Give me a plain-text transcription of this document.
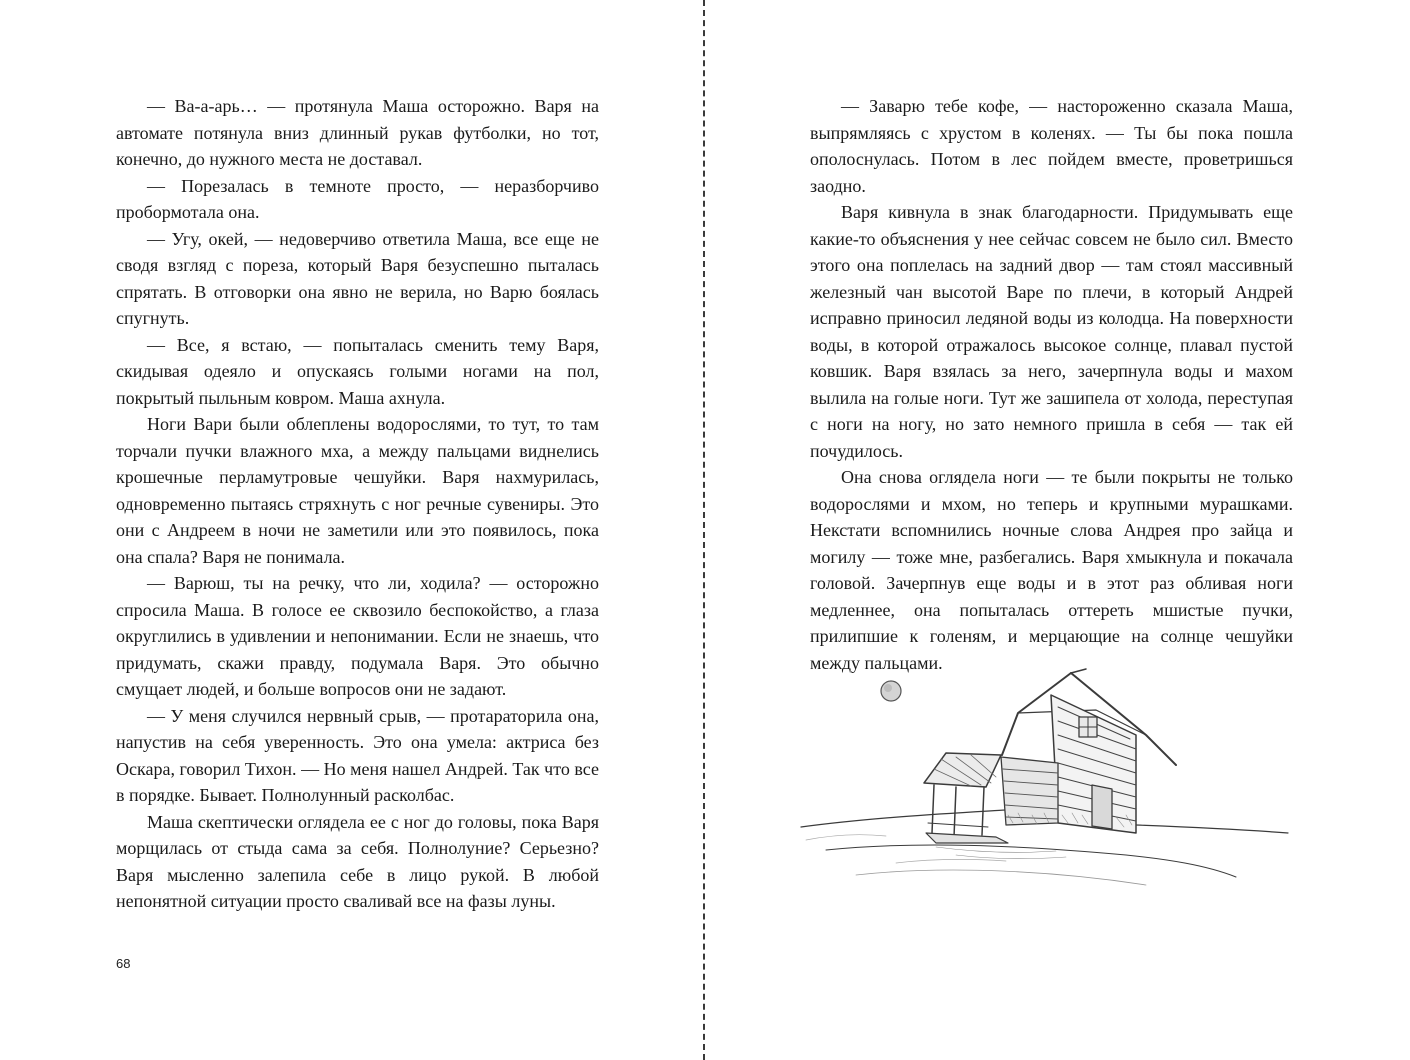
— Ва-а-арь… — протянула Маша осторожно. Варя на автомате потянула вниз длинный рукав футболки, но тот, конечно, до нужного места не доставал.

— Порезалась в темноте просто, — неразборчиво пробормотала она.

— Угу, окей, — недоверчиво ответила Маша, все еще не сводя взгляд с пореза, который Варя безуспешно пыталась спрятать. В отговорки она явно не верила, но Варю боялась спугнуть.

— Все, я встаю, — попыталась сменить тему Варя, скидывая одеяло и опускаясь голыми ногами на пол, покрытый пыльным ковром. Маша ахнула.

Ноги Вари были облеплены водорослями, то тут, то там торчали пучки влажного мха, а между пальцами виднелись крошечные перламутровые чешуйки. Варя нахмурилась, одновременно пытаясь стряхнуть с ног речные сувениры. Это они с Андреем в ночи не заметили или это появилось, пока она спала? Варя не понимала.

— Варюш, ты на речку, что ли, ходила? — осторожно спросила Маша. В голосе ее сквозило беспокойство, а глаза округлились в удивлении и непонимании. Если не знаешь, что придумать, скажи правду, подумала Варя. Это обычно смущает людей, и больше вопросов они не задают.

— У меня случился нервный срыв, — протараторила она, напустив на себя уверенность. Это она умела: актриса без Оскара, говорил Тихон. — Но меня нашел Андрей. Так что все в порядке. Бывает. Полнолунный расколбас.

Маша скептически оглядела ее с ног до головы, пока Варя морщилась от стыда сама за себя. Полнолуние? Серьезно? Варя мысленно залепила себе в лицо рукой. В любой непонятной ситуации просто сваливай все на фазы луны.

68

— Заварю тебе кофе, — настороженно сказала Маша, выпрямляясь с хрустом в коленях. — Ты бы пока пошла ополоснулась. Потом в лес пойдем вместе, проветришься заодно.

Варя кивнула в знак благодарности. Придумывать еще какие-то объяснения у нее сейчас совсем не было сил. Вместо этого она поплелась на задний двор — там стоял массивный железный чан высотой Варе по плечи, в который Андрей исправно приносил ледяной воды из колодца. На поверхности воды, в которой отражалось высокое солнце, плавал пустой ковшик. Варя взялась за него, зачерпнула воды и махом вылила на голые ноги. Тут же зашипела от холода, переступая с ноги на ногу, но зато немного пришла в себя — так ей почудилось.

Она снова оглядела ноги — те были покрыты не только водорослями и мхом, но теперь и крупными мурашками. Некстати вспомнились ночные слова Андрея про зайца и могилу — тоже мне, разбегались. Варя хмыкнула и покачала головой. Зачерпнув еще воды и в этот раз обливая ноги медленнее, она попыталась оттереть мшистые пучки, прилипшие к голеням, и мерцающие на солнце чешуйки между пальцами.
